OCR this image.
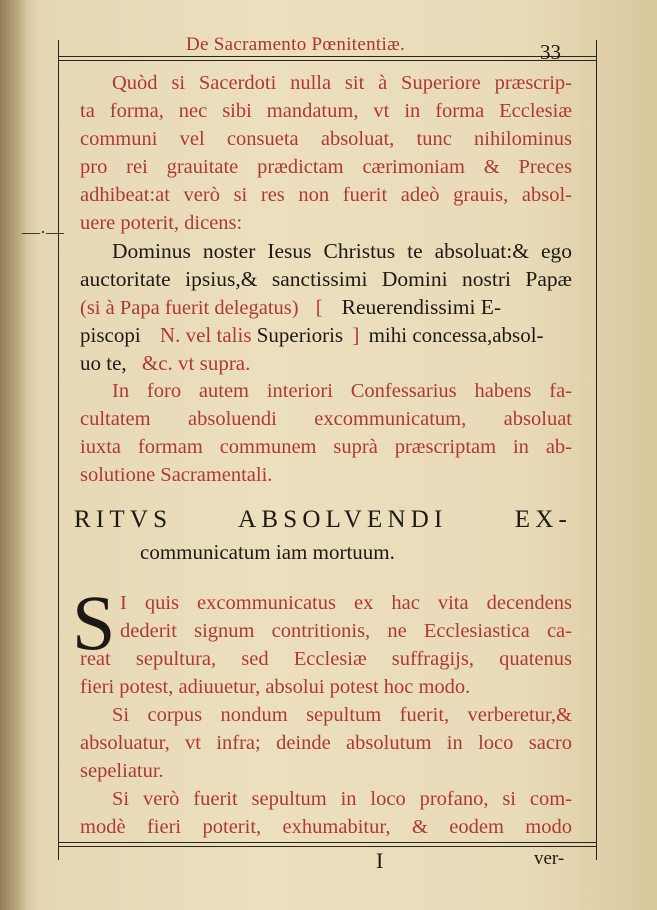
De Sacramento Pœnitentiæ.	33
—·—
Quòd si Sacerdoti nulla sit à Superiore præscrip-
ta forma, nec sibi mandatum, vt in forma Ecclesiæ
communi vel consueta absoluat, tunc nihilominus
pro rei grauitate prædictam cærimoniam & Preces
adhibeat:at verò si res non fuerit adeò grauis, absol-
uere poterit, dicens:
Dominus noster Iesus Christus te absoluat:& ego
auctoritate ipsius,& sanctissimi Domini nostri Papæ
(si à Papa fuerit delegatus) [ Reuerendissimi E-
piscopi N. vel talis Superioris ] mihi concessa,absol-
uo te, &c. vt supra.
In foro autem interiori Confessarius habens fa-
cultatem absoluendi excommunicatum, absoluat
iuxta formam communem suprà præscriptam in ab-
solutione Sacramentali.
RITVS ABSOLVENDI EX-
communicatum iam mortuum.
S I quis excommunicatus ex hac vita decendens
dederit signum contritionis, ne Ecclesiastica ca-
reat sepultura, sed Ecclesiæ suffragijs, quatenus
fieri potest, adiuuetur, absolui potest hoc modo.
Si corpus nondum sepultum fuerit, verberetur,&
absoluatur, vt infra; deinde absolutum in loco sacro
sepeliatur.
Si verò fuerit sepultum in loco profano, si com-
modè fieri poterit, exhumabitur, & eodem modo
I	ver-
